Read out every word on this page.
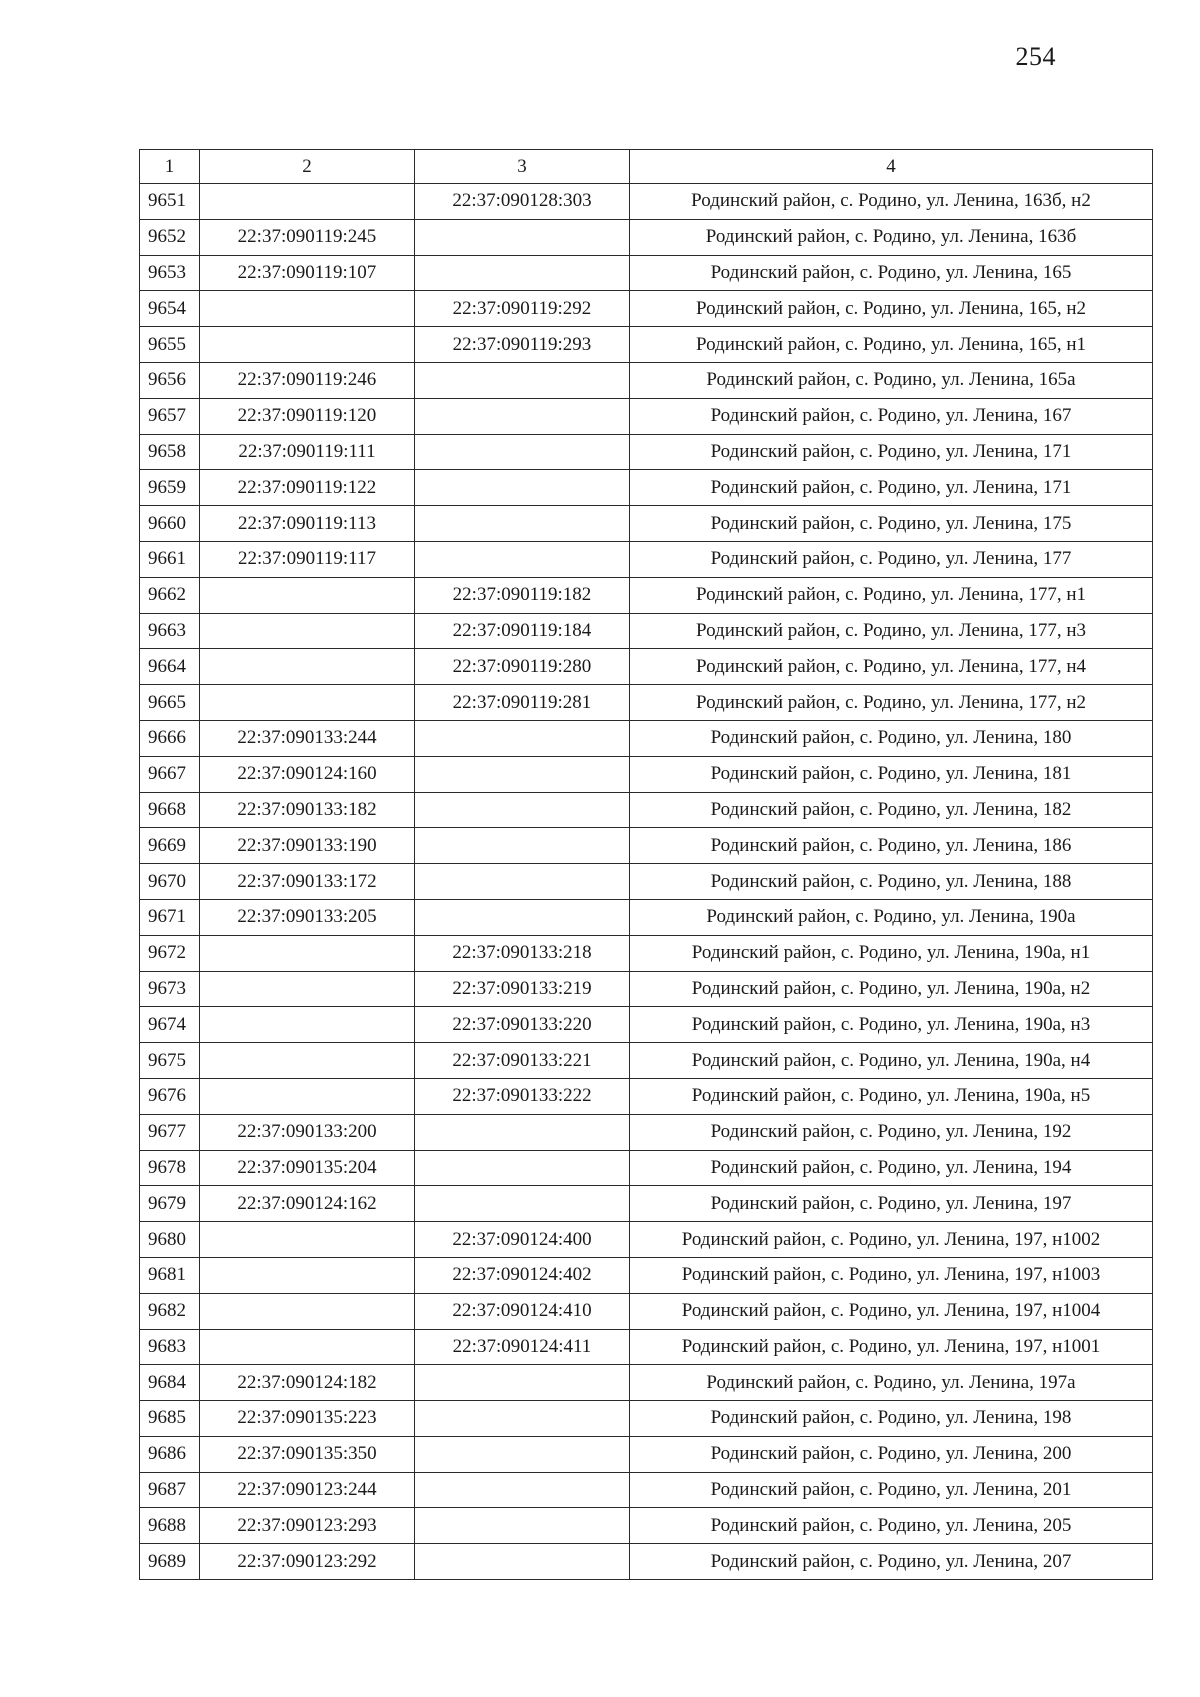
254
1	2	3	4
9651		22:37:090128:303	Родинский район, с. Родино, ул. Ленина, 163б, н2
9652	22:37:090119:245		Родинский район, с. Родино, ул. Ленина, 163б
9653	22:37:090119:107		Родинский район, с. Родино, ул. Ленина, 165
9654		22:37:090119:292	Родинский район, с. Родино, ул. Ленина, 165, н2
9655		22:37:090119:293	Родинский район, с. Родино, ул. Ленина, 165, н1
9656	22:37:090119:246		Родинский район, с. Родино, ул. Ленина, 165а
9657	22:37:090119:120		Родинский район, с. Родино, ул. Ленина, 167
9658	22:37:090119:111		Родинский район, с. Родино, ул. Ленина, 171
9659	22:37:090119:122		Родинский район, с. Родино, ул. Ленина, 171
9660	22:37:090119:113		Родинский район, с. Родино, ул. Ленина, 175
9661	22:37:090119:117		Родинский район, с. Родино, ул. Ленина, 177
9662		22:37:090119:182	Родинский район, с. Родино, ул. Ленина, 177, н1
9663		22:37:090119:184	Родинский район, с. Родино, ул. Ленина, 177, н3
9664		22:37:090119:280	Родинский район, с. Родино, ул. Ленина, 177, н4
9665		22:37:090119:281	Родинский район, с. Родино, ул. Ленина, 177, н2
9666	22:37:090133:244		Родинский район, с. Родино, ул. Ленина, 180
9667	22:37:090124:160		Родинский район, с. Родино, ул. Ленина, 181
9668	22:37:090133:182		Родинский район, с. Родино, ул. Ленина, 182
9669	22:37:090133:190		Родинский район, с. Родино, ул. Ленина, 186
9670	22:37:090133:172		Родинский район, с. Родино, ул. Ленина, 188
9671	22:37:090133:205		Родинский район, с. Родино, ул. Ленина, 190а
9672		22:37:090133:218	Родинский район, с. Родино, ул. Ленина, 190а, н1
9673		22:37:090133:219	Родинский район, с. Родино, ул. Ленина, 190а, н2
9674		22:37:090133:220	Родинский район, с. Родино, ул. Ленина, 190а, н3
9675		22:37:090133:221	Родинский район, с. Родино, ул. Ленина, 190а, н4
9676		22:37:090133:222	Родинский район, с. Родино, ул. Ленина, 190а, н5
9677	22:37:090133:200		Родинский район, с. Родино, ул. Ленина, 192
9678	22:37:090135:204		Родинский район, с. Родино, ул. Ленина, 194
9679	22:37:090124:162		Родинский район, с. Родино, ул. Ленина, 197
9680		22:37:090124:400	Родинский район, с. Родино, ул. Ленина, 197, н1002
9681		22:37:090124:402	Родинский район, с. Родино, ул. Ленина, 197, н1003
9682		22:37:090124:410	Родинский район, с. Родино, ул. Ленина, 197, н1004
9683		22:37:090124:411	Родинский район, с. Родино, ул. Ленина, 197, н1001
9684	22:37:090124:182		Родинский район, с. Родино, ул. Ленина, 197а
9685	22:37:090135:223		Родинский район, с. Родино, ул. Ленина, 198
9686	22:37:090135:350		Родинский район, с. Родино, ул. Ленина, 200
9687	22:37:090123:244		Родинский район, с. Родино, ул. Ленина, 201
9688	22:37:090123:293		Родинский район, с. Родино, ул. Ленина, 205
9689	22:37:090123:292		Родинский район, с. Родино, ул. Ленина, 207
